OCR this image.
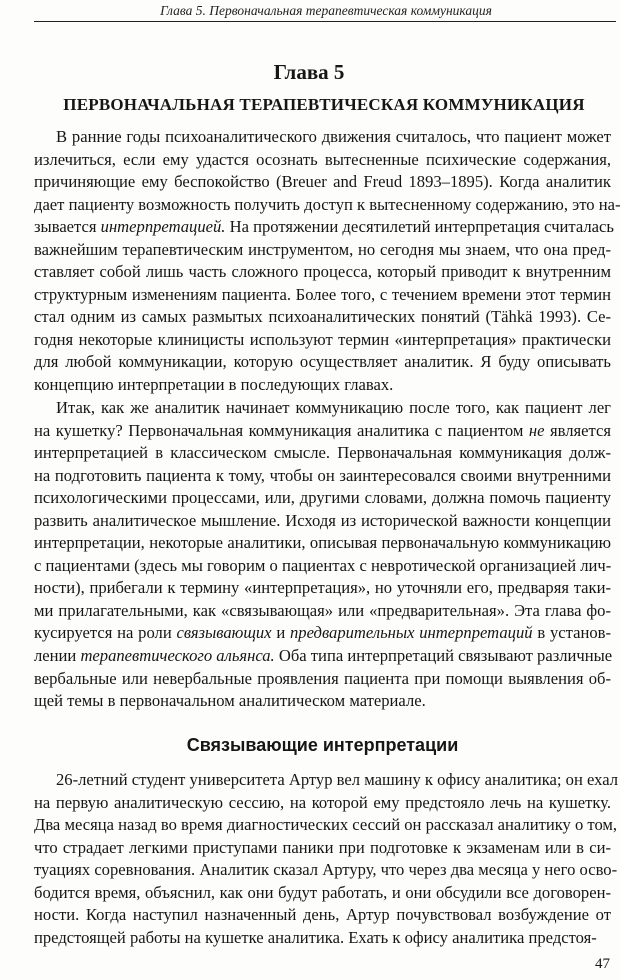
Глава 5. Первоначальная терапевтическая коммуникация
Глава 5
ПЕРВОНАЧАЛЬНАЯ ТЕРАПЕВТИЧЕСКАЯ КОММУНИКАЦИЯ
В ранние годы психоаналитического движения считалось, что пациент может
излечиться, если ему удастся осознать вытесненные психические содержания,
причиняющие ему беспокойство (Breuer and Freud 1893–1895). Когда аналитик
дает пациенту возможность получить доступ к вытесненному содержанию, это на-
зывается интерпретацией. На протяжении десятилетий интерпретация считалась
важнейшим терапевтическим инструментом, но сегодня мы знаем, что она пред-
ставляет собой лишь часть сложного процесса, который приводит к внутренним
структурным изменениям пациента. Более того, с течением времени этот термин
стал одним из самых размытых психоаналитических понятий (Tähkä 1993). Се-
годня некоторые клиницисты используют термин «интерпретация» практически
для любой коммуникации, которую осуществляет аналитик. Я буду описывать
концепцию интерпретации в последующих главах.
Итак, как же аналитик начинает коммуникацию после того, как пациент лег
на кушетку? Первоначальная коммуникация аналитика с пациентом не является
интерпретацией в классическом смысле. Первоначальная коммуникация долж-
на подготовить пациента к тому, чтобы он заинтересовался своими внутренними
психологическими процессами, или, другими словами, должна помочь пациенту
развить аналитическое мышление. Исходя из исторической важности концепции
интерпретации, некоторые аналитики, описывая первоначальную коммуникацию
с пациентами (здесь мы говорим о пациентах с невротической организацией лич-
ности), прибегали к термину «интерпретация», но уточняли его, предваряя таки-
ми прилагательными, как «связывающая» или «предварительная». Эта глава фо-
кусируется на роли связывающих и предварительных интерпретаций в установ-
лении терапевтического альянса. Оба типа интерпретаций связывают различные
вербальные или невербальные проявления пациента при помощи выявления об-
щей темы в первоначальном аналитическом материале.
Связывающие интерпретации
26-летний студент университета Артур вел машину к офису аналитика; он ехал
на первую аналитическую сессию, на которой ему предстояло лечь на кушетку.
Два месяца назад во время диагностических сессий он рассказал аналитику о том,
что страдает легкими приступами паники при подготовке к экзаменам или в си-
туациях соревнования. Аналитик сказал Артуру, что через два месяца у него осво-
бодится время, объяснил, как они будут работать, и они обсудили все договорен-
ности. Когда наступил назначенный день, Артур почувствовал возбуждение от
предстоящей работы на кушетке аналитика. Ехать к офису аналитика предстоя-
47
